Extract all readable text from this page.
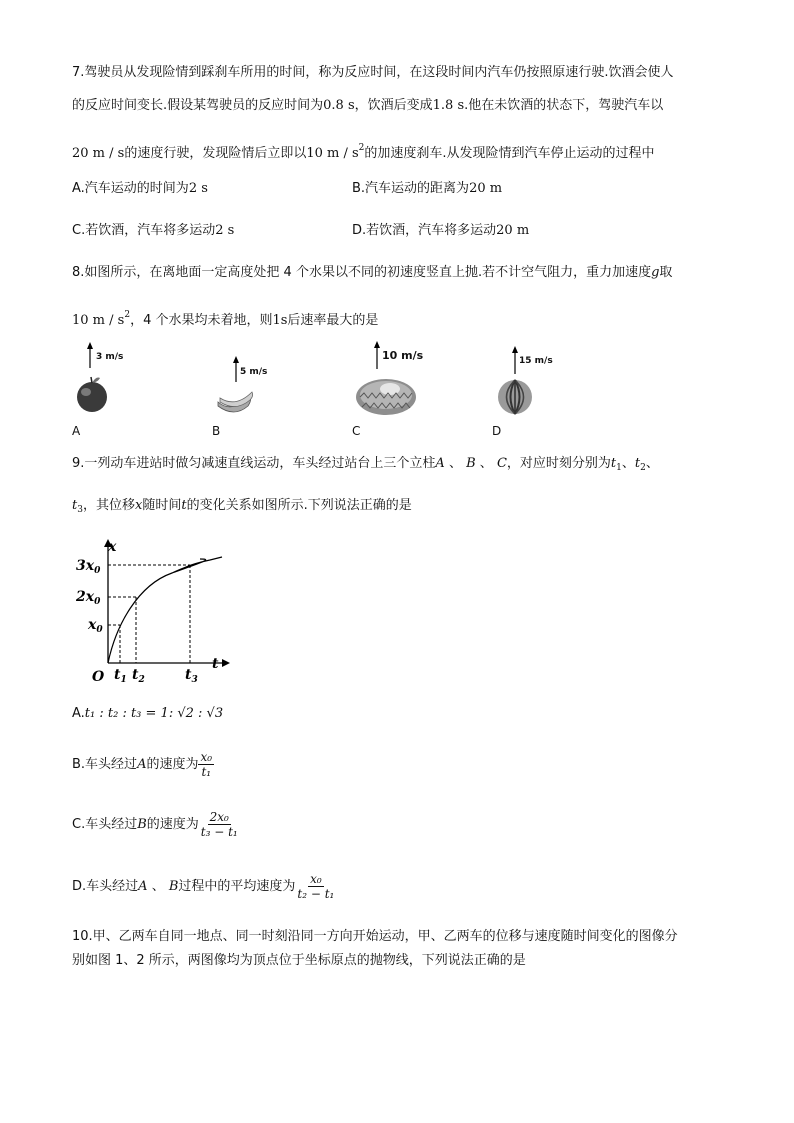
7.驾驶员从发现险情到踩刹车所用的时间，称为反应时间，在这段时间内汽车仍按照原速行驶.饮酒会使人
的反应时间变长.假设某驾驶员的反应时间为0.8 s，饮酒后变成1.8 s.他在未饮酒的状态下，驾驶汽车以
20 m / s的速度行驶，发现险情后立即以10 m / $s^2$的加速度刹车.从发现险情到汽车停止运动的过程中
A.汽车运动的时间为2 s	B.汽车运动的距离为20 m
C.若饮酒，汽车将多运动2 s	D.若饮酒，汽车将多运动20 m
8.如图所示，在离地面一定高度处把 4 个水果以不同的初速度竖直上抛.若不计空气阻力，重力加速度g取
10 m / $s^2$，4 个水果均未着地，则1s后速率最大的是
3 m/s
5 m/s
10 m/s	15 m/s
A	B	C	D
9.一列动车进站时做匀减速直线运动，车头经过站台上三个立柱A 、 B 、 C，对应时刻分别为$t_1$、$t_2$、
$t_3$，其位移x随时间t的变化关系如图所示.下列说法正确的是
x
t
O
$3x_0$
$2x_0$
$x_0$
$t_1$ $t_2$	$t_3$
A.t₁ : t₂ : t₃ = 1: √2 : √3
B.车头经过A的速度为 $\frac{\text{x₀}}{\text{t₁}}$
C.车头经过B的速度为 $\frac{\text{2x₀}}{\text{t₃ − t₁}}$
D.车头经过A 、 B过程中的平均速度为 $\frac{\text{x₀}}{\text{t₂ − t₁}}$
10.甲、乙两车自同一地点、同一时刻沿同一方向开始运动，甲、乙两车的位移与速度随时间变化的图像分
别如图 1、2 所示，两图像均为顶点位于坐标原点的抛物线，下列说法正确的是
